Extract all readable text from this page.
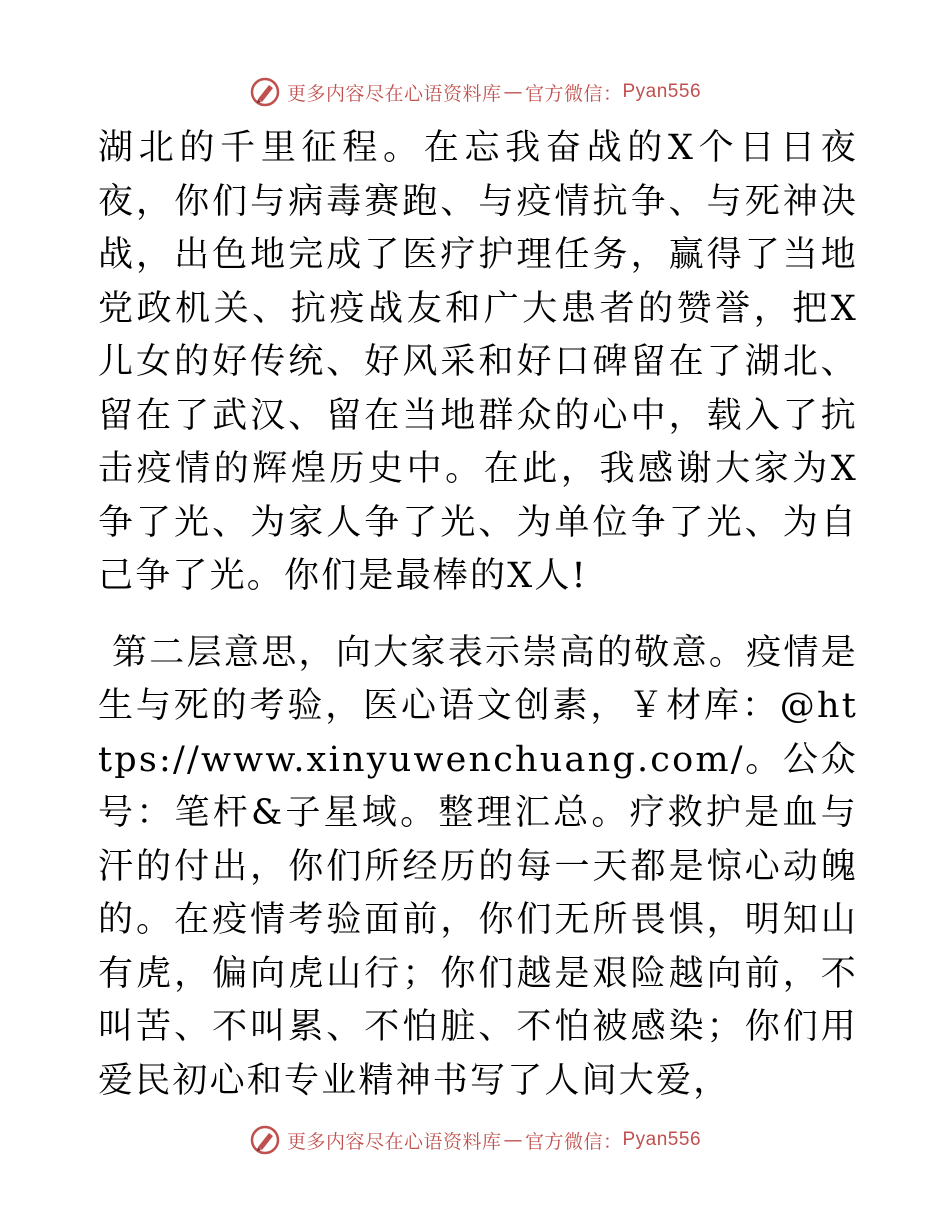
更多内容尽在心语资料库 — 官方微信： Pyan556

湖北的千里征程。在忘我奋战的X个日日夜夜，你们与病毒赛跑、与疫情抗争、与死神决战，出色地完成了医疗护理任务，赢得了当地党政机关、抗疫战友和广大患者的赞誉，把X儿女的好传统、好风采和好口碑留在了湖北、留在了武汉、留在当地群众的心中，载入了抗击疫情的辉煌历史中。在此，我感谢大家为X争了光、为家人争了光、为单位争了光、为自己争了光。你们是最棒的X人!

第二层意思，向大家表示崇高的敬意。疫情是生与死的考验，医心语文创素，￥材库：@https://www.xinyuwenchuang.com/。公众号：笔杆&子星域。整理汇总。疗救护是血与汗的付出，你们所经历的每一天都是惊心动魄的。在疫情考验面前，你们无所畏惧，明知山有虎，偏向虎山行；你们越是艰险越向前，不叫苦、不叫累、不怕脏、不怕被感染；你们用爱民初心和专业精神书写了人间大爱，

更多内容尽在心语资料库 — 官方微信： Pyan556
